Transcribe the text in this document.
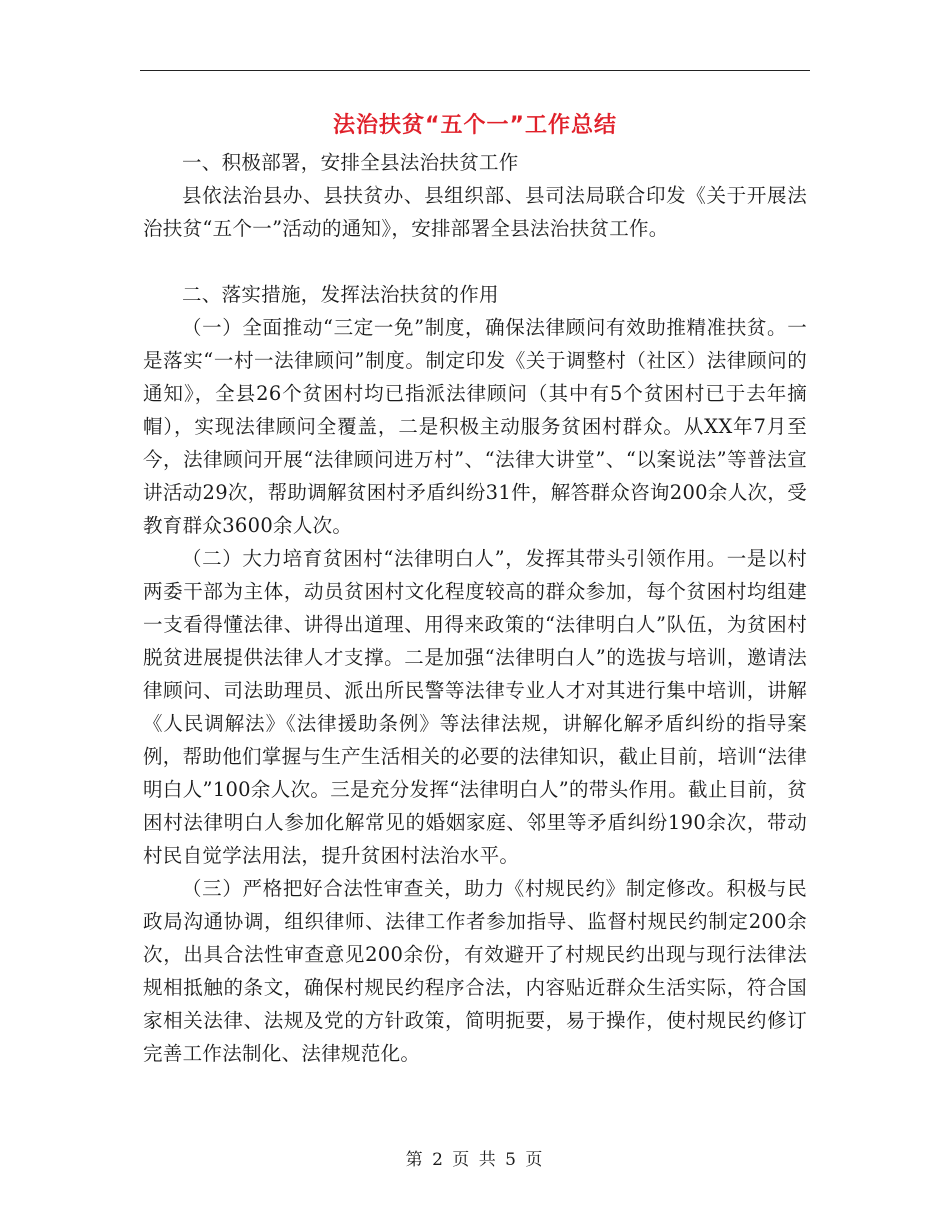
法治扶贫“五个一”工作总结

一、积极部署，安排全县法治扶贫工作

县依法治县办、县扶贫办、县组织部、县司法局联合印发《关于开展法治扶贫“五个一”活动的通知》，安排部署全县法治扶贫工作。

二、落实措施，发挥法治扶贫的作用

（一）全面推动“三定一免”制度，确保法律顾问有效助推精准扶贫。一是落实“一村一法律顾问”制度。制定印发《关于调整村（社区）法律顾问的通知》，全县26个贫困村均已指派法律顾问（其中有5个贫困村已于去年摘帽），实现法律顾问全覆盖，二是积极主动服务贫困村群众。从XX年7月至今，法律顾问开展“法律顾问进万村”、“法律大讲堂”、“以案说法”等普法宣讲活动29次，帮助调解贫困村矛盾纠纷31件，解答群众咨询200余人次，受教育群众3600余人次。

（二）大力培育贫困村“法律明白人”，发挥其带头引领作用。一是以村两委干部为主体，动员贫困村文化程度较高的群众参加，每个贫困村均组建一支看得懂法律、讲得出道理、用得来政策的“法律明白人”队伍，为贫困村脱贫进展提供法律人才支撑。二是加强“法律明白人”的选拔与培训，邀请法律顾问、司法助理员、派出所民警等法律专业人才对其进行集中培训，讲解《人民调解法》《法律援助条例》等法律法规，讲解化解矛盾纠纷的指导案例，帮助他们掌握与生产生活相关的必要的法律知识，截止目前，培训“法律明白人”100余人次。三是充分发挥“法律明白人”的带头作用。截止目前，贫困村法律明白人参加化解常见的婚姻家庭、邻里等矛盾纠纷190余次，带动村民自觉学法用法，提升贫困村法治水平。

（三）严格把好合法性审查关，助力《村规民约》制定修改。积极与民政局沟通协调，组织律师、法律工作者参加指导、监督村规民约制定200余次，出具合法性审查意见200余份，有效避开了村规民约出现与现行法律法规相抵触的条文，确保村规民约程序合法，内容贴近群众生活实际，符合国家相关法律、法规及党的方针政策，简明扼要，易于操作，使村规民约修订完善工作法制化、法律规范化。

第 2 页 共 5 页
